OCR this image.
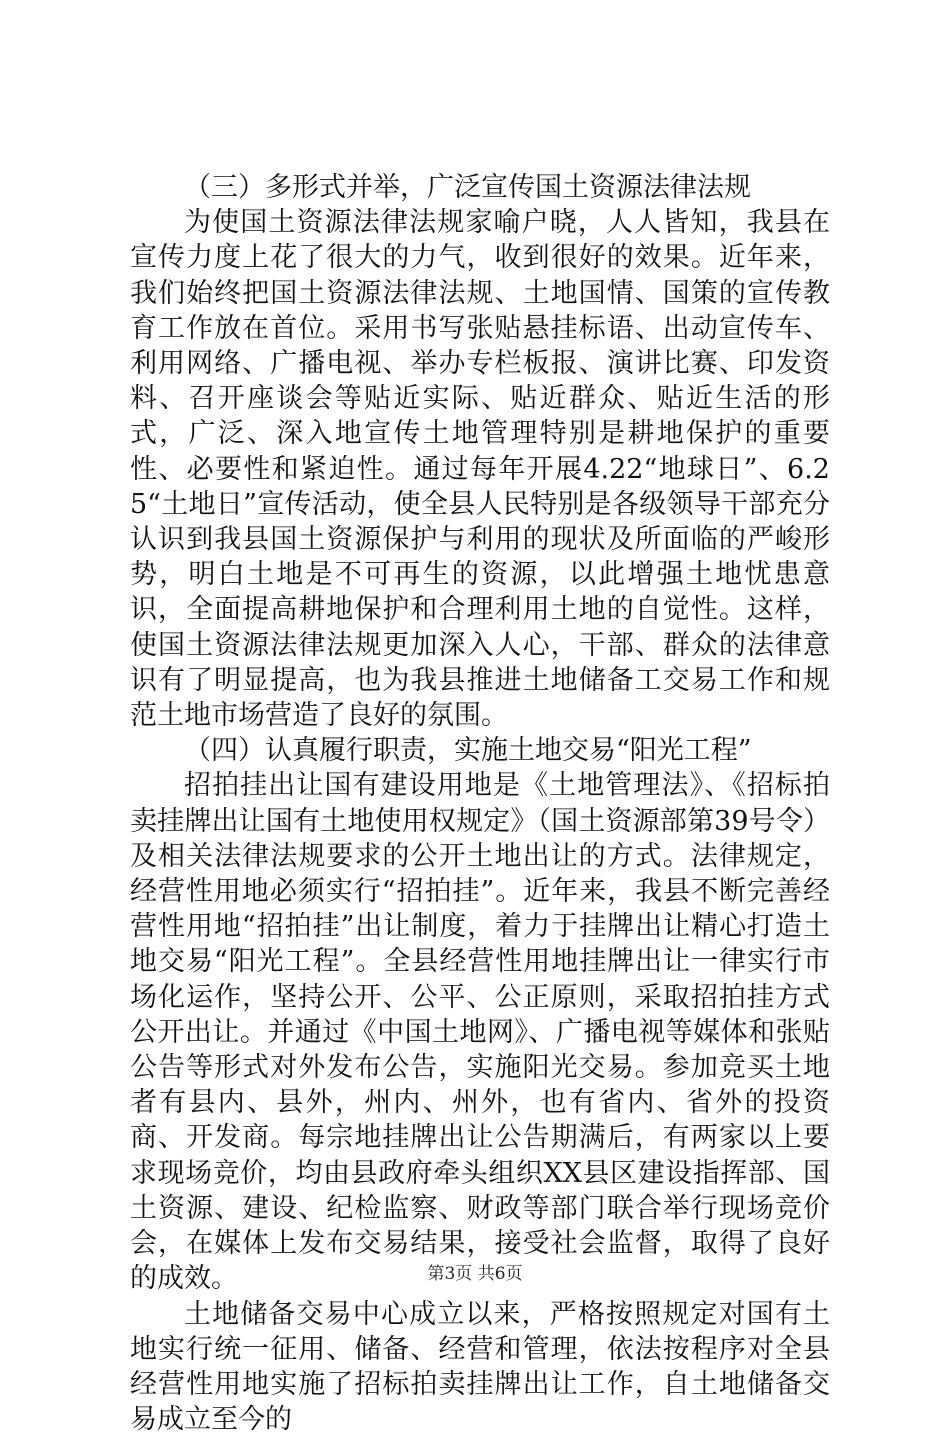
（三）多形式并举，广泛宣传国土资源法律法规

为使国土资源法律法规家喻户晓，人人皆知，我县在宣传力度上花了很大的力气，收到很好的效果。近年来，我们始终把国土资源法律法规、土地国情、国策的宣传教育工作放在首位。采用书写张贴悬挂标语、出动宣传车、利用网络、广播电视、举办专栏板报、演讲比赛、印发资料、召开座谈会等贴近实际、贴近群众、贴近生活的形式，广泛、深入地宣传土地管理特别是耕地保护的重要性、必要性和紧迫性。通过每年开展4.22“地球日”、6.25“土地日”宣传活动，使全县人民特别是各级领导干部充分认识到我县国土资源保护与利用的现状及所面临的严峻形势，明白土地是不可再生的资源，以此增强土地忧患意识，全面提高耕地保护和合理利用土地的自觉性。这样，使国土资源法律法规更加深入人心，干部、群众的法律意识有了明显提高，也为我县推进土地储备工交易工作和规范土地市场营造了良好的氛围。

（四）认真履行职责，实施土地交易“阳光工程”

招拍挂出让国有建设用地是《土地管理法》、《招标拍卖挂牌出让国有土地使用权规定》（国土资源部第39号令）及相关法律法规要求的公开土地出让的方式。法律规定，经营性用地必须实行“招拍挂”。近年来，我县不断完善经营性用地“招拍挂”出让制度，着力于挂牌出让精心打造土地交易“阳光工程”。全县经营性用地挂牌出让一律实行市场化运作，坚持公开、公平、公正原则，采取招拍挂方式公开出让。并通过《中国土地网》、广播电视等媒体和张贴公告等形式对外发布公告，实施阳光交易。参加竞买土地者有县内、县外，州内、州外，也有省内、省外的投资商、开发商。每宗地挂牌出让公告期满后，有两家以上要求现场竞价，均由县政府牵头组织XX县区建设指挥部、国土资源、建设、纪检监察、财政等部门联合举行现场竞价会，在媒体上发布交易结果，接受社会监督，取得了良好的成效。

土地储备交易中心成立以来，严格按照规定对国有土地实行统一征用、储备、经营和管理，依法按程序对全县经营性用地实施了招标拍卖挂牌出让工作，自土地储备交易成立至今的

第3页 共6页
